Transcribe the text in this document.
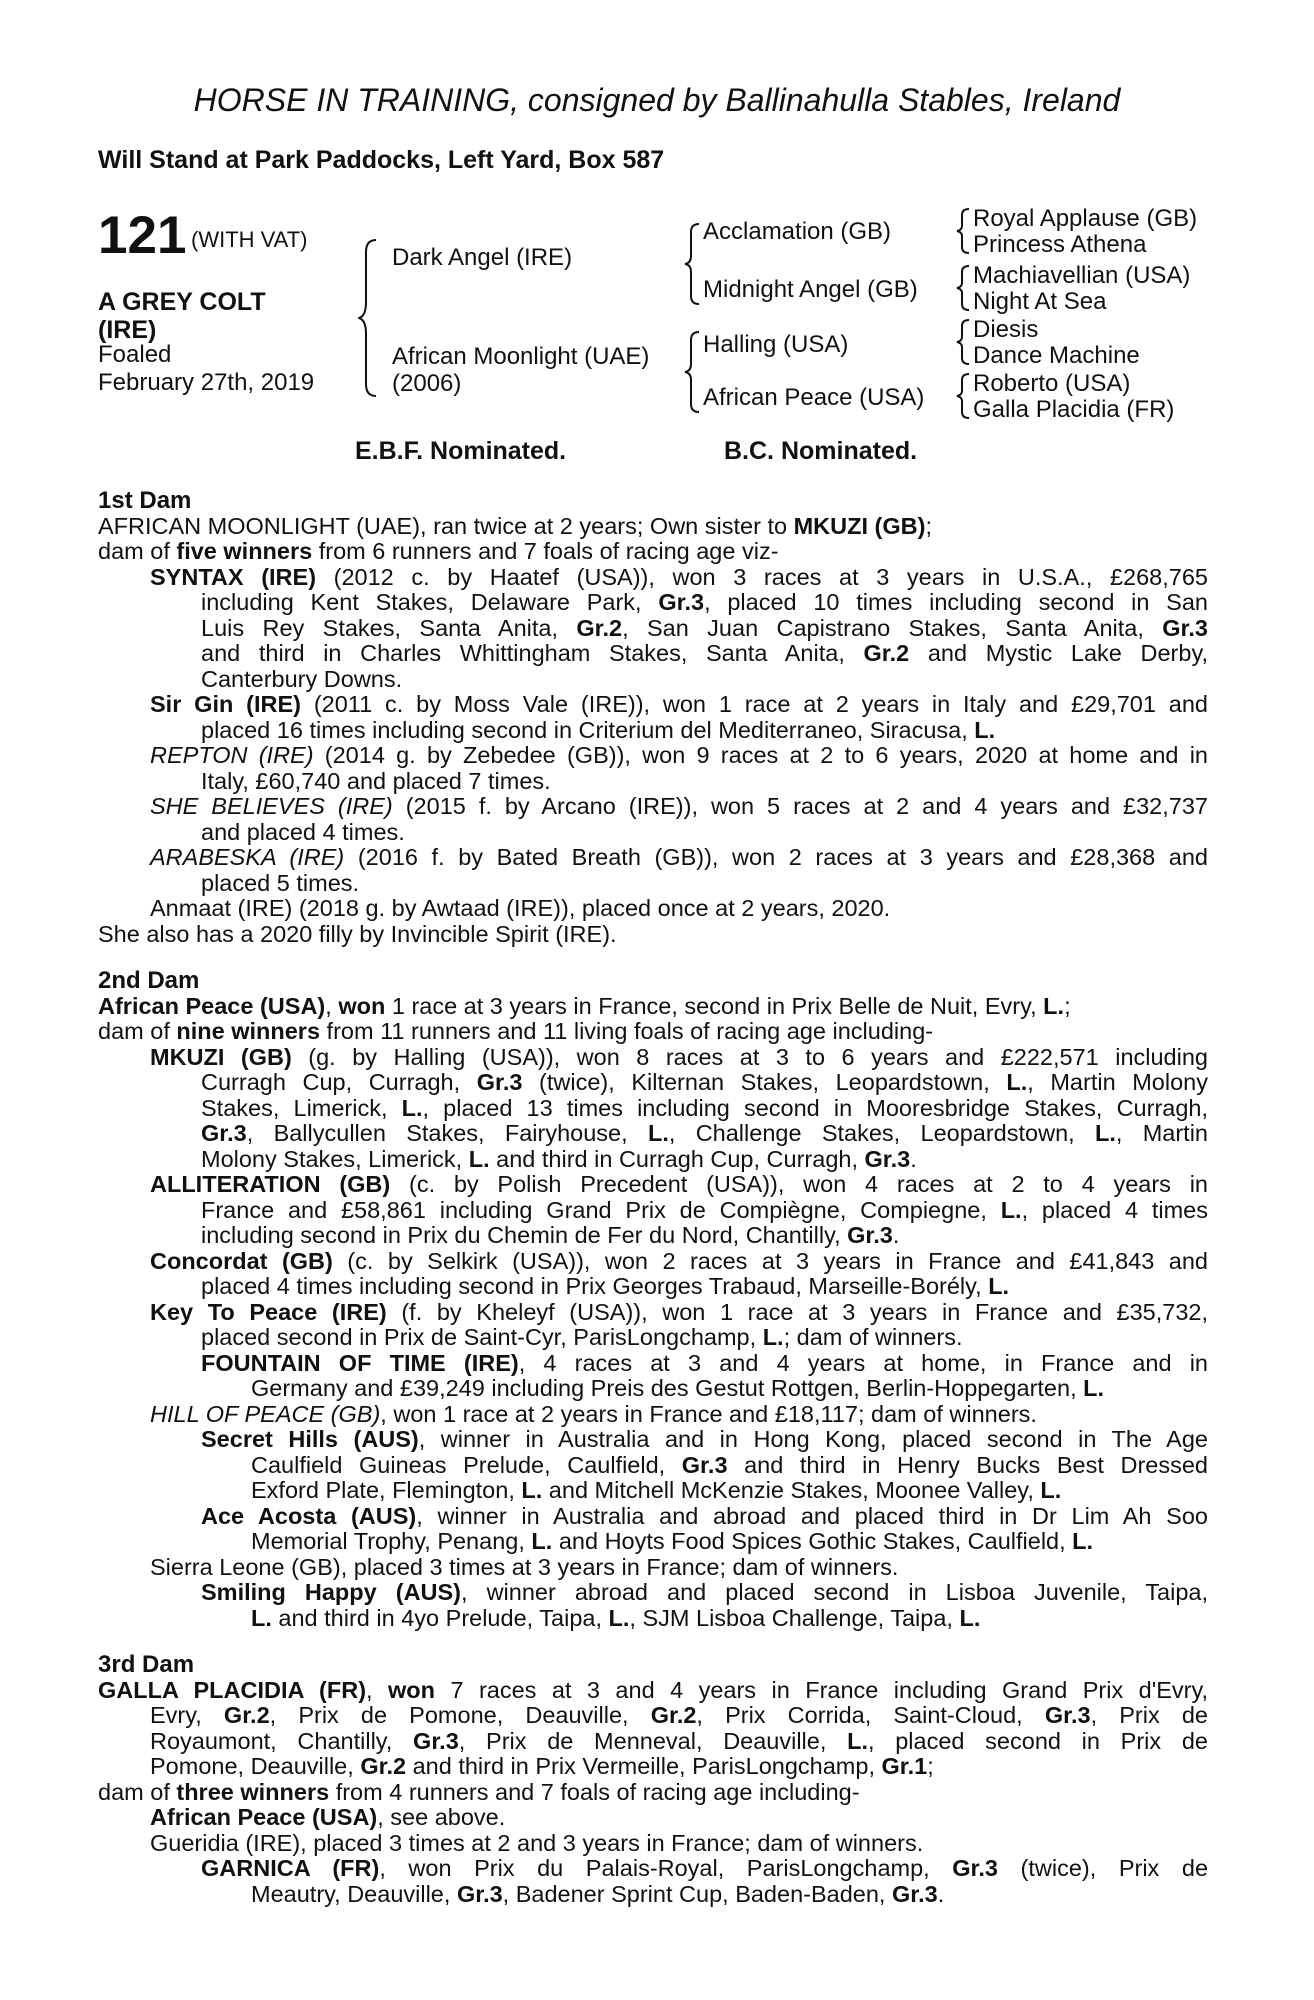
HORSE IN TRAINING, consigned by Ballinahulla Stables, Ireland
Will Stand at Park Paddocks, Left Yard, Box 587
121 (WITH VAT)
A GREY COLT
(IRE)
Foaled
February 27th, 2019
Dark Angel (IRE)
African Moonlight (UAE)
(2006)
Acclamation (GB)
Midnight Angel (GB)
Halling (USA)
African Peace (USA)
Royal Applause (GB)
Princess Athena
Machiavellian (USA)
Night At Sea
Diesis
Dance Machine
Roberto (USA)
Galla Placidia (FR)
E.B.F. Nominated.	B.C. Nominated.
1st Dam
AFRICAN MOONLIGHT (UAE), ran twice at 2 years; Own sister to MKUZI (GB);
dam of five winners from 6 runners and 7 foals of racing age viz-
SYNTAX (IRE) (2012 c. by Haatef (USA)), won 3 races at 3 years in U.S.A., £268,765
including Kent Stakes, Delaware Park, Gr.3, placed 10 times including second in San
Luis Rey Stakes, Santa Anita, Gr.2, San Juan Capistrano Stakes, Santa Anita, Gr.3
and third in Charles Whittingham Stakes, Santa Anita, Gr.2 and Mystic Lake Derby,
Canterbury Downs.
Sir Gin (IRE) (2011 c. by Moss Vale (IRE)), won 1 race at 2 years in Italy and £29,701 and
placed 16 times including second in Criterium del Mediterraneo, Siracusa, L.
REPTON (IRE) (2014 g. by Zebedee (GB)), won 9 races at 2 to 6 years, 2020 at home and in
Italy, £60,740 and placed 7 times.
SHE BELIEVES (IRE) (2015 f. by Arcano (IRE)), won 5 races at 2 and 4 years and £32,737
and placed 4 times.
ARABESKA (IRE) (2016 f. by Bated Breath (GB)), won 2 races at 3 years and £28,368 and
placed 5 times.
Anmaat (IRE) (2018 g. by Awtaad (IRE)), placed once at 2 years, 2020.
She also has a 2020 filly by Invincible Spirit (IRE).
2nd Dam
African Peace (USA), won 1 race at 3 years in France, second in Prix Belle de Nuit, Evry, L.;
dam of nine winners from 11 runners and 11 living foals of racing age including-
MKUZI (GB) (g. by Halling (USA)), won 8 races at 3 to 6 years and £222,571 including
Curragh Cup, Curragh, Gr.3 (twice), Kilternan Stakes, Leopardstown, L., Martin Molony
Stakes, Limerick, L., placed 13 times including second in Mooresbridge Stakes, Curragh,
Gr.3, Ballycullen Stakes, Fairyhouse, L., Challenge Stakes, Leopardstown, L., Martin
Molony Stakes, Limerick, L. and third in Curragh Cup, Curragh, Gr.3.
ALLITERATION (GB) (c. by Polish Precedent (USA)), won 4 races at 2 to 4 years in
France and £58,861 including Grand Prix de Compiègne, Compiegne, L., placed 4 times
including second in Prix du Chemin de Fer du Nord, Chantilly, Gr.3.
Concordat (GB) (c. by Selkirk (USA)), won 2 races at 3 years in France and £41,843 and
placed 4 times including second in Prix Georges Trabaud, Marseille-Borély, L.
Key To Peace (IRE) (f. by Kheleyf (USA)), won 1 race at 3 years in France and £35,732,
placed second in Prix de Saint-Cyr, ParisLongchamp, L.; dam of winners.
FOUNTAIN OF TIME (IRE), 4 races at 3 and 4 years at home, in France and in
Germany and £39,249 including Preis des Gestut Rottgen, Berlin-Hoppegarten, L.
HILL OF PEACE (GB), won 1 race at 2 years in France and £18,117; dam of winners.
Secret Hills (AUS), winner in Australia and in Hong Kong, placed second in The Age
Caulfield Guineas Prelude, Caulfield, Gr.3 and third in Henry Bucks Best Dressed
Exford Plate, Flemington, L. and Mitchell McKenzie Stakes, Moonee Valley, L.
Ace Acosta (AUS), winner in Australia and abroad and placed third in Dr Lim Ah Soo
Memorial Trophy, Penang, L. and Hoyts Food Spices Gothic Stakes, Caulfield, L.
Sierra Leone (GB), placed 3 times at 3 years in France; dam of winners.
Smiling Happy (AUS), winner abroad and placed second in Lisboa Juvenile, Taipa,
L. and third in 4yo Prelude, Taipa, L., SJM Lisboa Challenge, Taipa, L.
3rd Dam
GALLA PLACIDIA (FR), won 7 races at 3 and 4 years in France including Grand Prix d'Evry,
Evry, Gr.2, Prix de Pomone, Deauville, Gr.2, Prix Corrida, Saint-Cloud, Gr.3, Prix de
Royaumont, Chantilly, Gr.3, Prix de Menneval, Deauville, L., placed second in Prix de
Pomone, Deauville, Gr.2 and third in Prix Vermeille, ParisLongchamp, Gr.1;
dam of three winners from 4 runners and 7 foals of racing age including-
African Peace (USA), see above.
Gueridia (IRE), placed 3 times at 2 and 3 years in France; dam of winners.
GARNICA (FR), won Prix du Palais-Royal, ParisLongchamp, Gr.3 (twice), Prix de
Meautry, Deauville, Gr.3, Badener Sprint Cup, Baden-Baden, Gr.3.
